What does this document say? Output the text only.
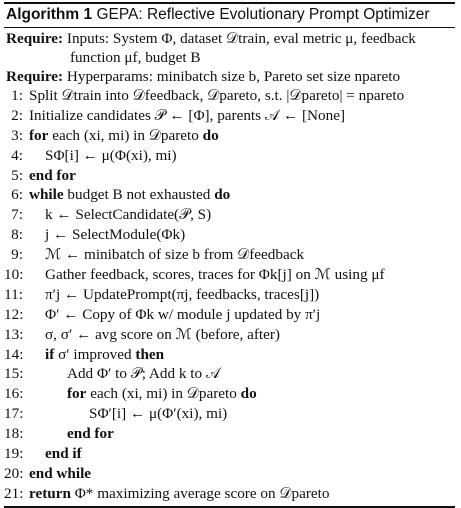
Algorithm 1 GEPA: Reflective Evolutionary Prompt Optimizer
Require: Inputs: System Φ, dataset 𝒟train, eval metric μ, feedback
function μf, budget B
Require: Hyperparams: minibatch size b, Pareto set size npareto
1: Split 𝒟train into 𝒟feedback, 𝒟pareto, s.t. |𝒟pareto| = npareto
2: Initialize candidates 𝒫 ← [Φ], parents 𝒜 ← [None]
3: for each (xi, mi) in 𝒟pareto do
4:	SΦ[i] ← μ(Φ(xi), mi)
5: end for
6: while budget B not exhausted do
7:	k ← SelectCandidate(𝒫, S)
8:	j ← SelectModule(Φk)
9:	ℳ ← minibatch of size b from 𝒟feedback
10:	Gather feedback, scores, traces for Φk[j] on ℳ using μf
11:	π′j ← UpdatePrompt(πj, feedbacks, traces[j])
12:	Φ′ ← Copy of Φk w/ module j updated by π′j
13:	σ, σ′ ← avg score on ℳ (before, after)
14:	if σ′ improved then
15:	Add Φ′ to 𝒫; Add k to 𝒜
16:	for each (xi, mi) in 𝒟pareto do
17:	SΦ′[i] ← μ(Φ′(xi), mi)
18:	end for
19:	end if
20: end while
21: return Φ* maximizing average score on 𝒟pareto
